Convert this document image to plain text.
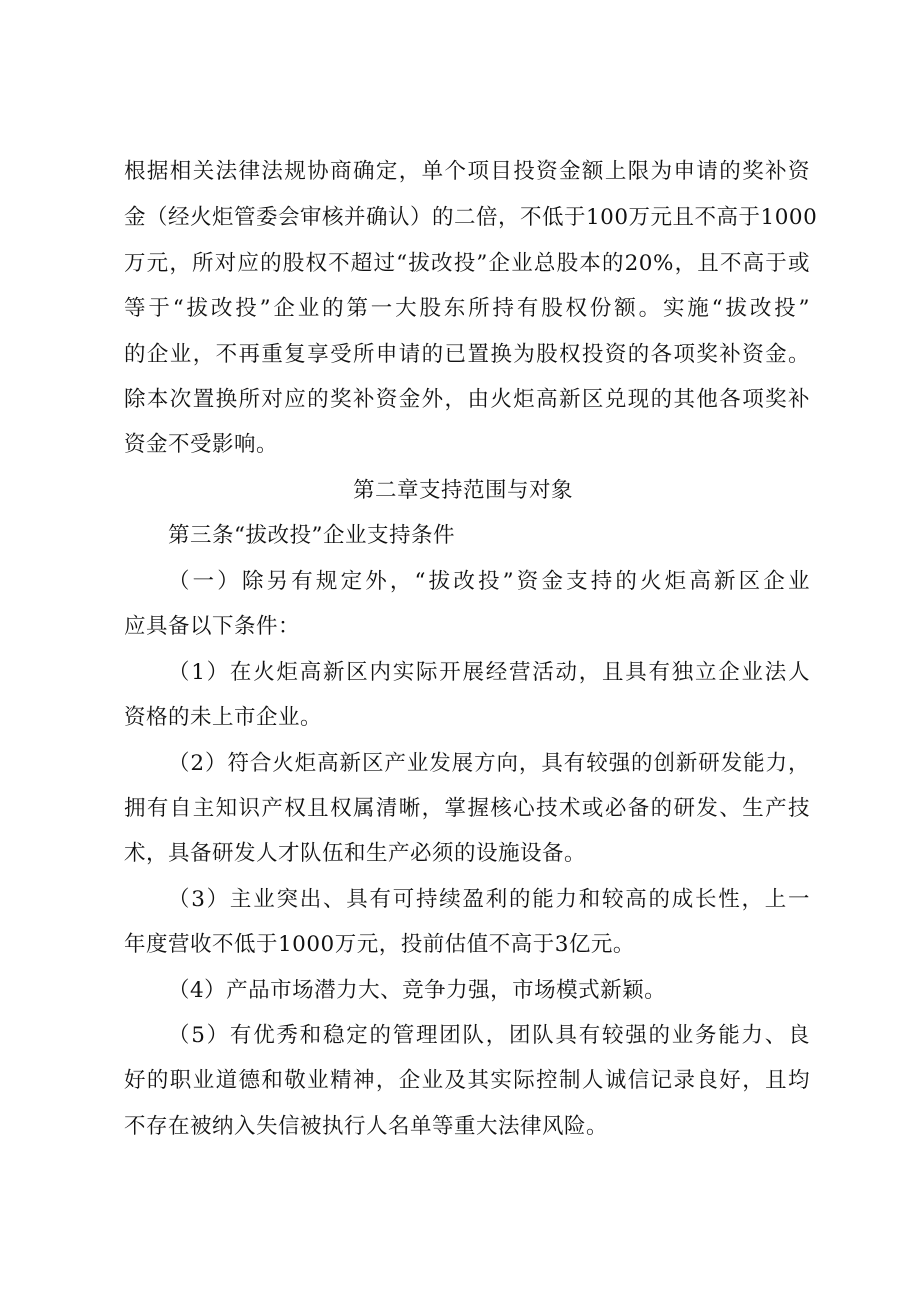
根据相关法律法规协商确定，单个项目投资金额上限为申请的奖补资
金（经火炬管委会审核并确认）的二倍，不低于100万元且不高于1000
万元，所对应的股权不超过“拔改投”企业总股本的20%，且不高于或
等于“拔改投”企业的第一大股东所持有股权份额。实施“拔改投”
的企业，不再重复享受所申请的已置换为股权投资的各项奖补资金。
除本次置换所对应的奖补资金外，由火炬高新区兑现的其他各项奖补
资金不受影响。
第二章支持范围与对象
第三条“拔改投”企业支持条件
（一）除另有规定外，“拔改投”资金支持的火炬高新区企业
应具备以下条件：
（1）在火炬高新区内实际开展经营活动，且具有独立企业法人
资格的未上市企业。
（2）符合火炬高新区产业发展方向，具有较强的创新研发能力，
拥有自主知识产权且权属清晰，掌握核心技术或必备的研发、生产技
术，具备研发人才队伍和生产必须的设施设备。
（3）主业突出、具有可持续盈利的能力和较高的成长性，上一
年度营收不低于1000万元，投前估值不高于3亿元。
（4）产品市场潜力大、竞争力强，市场模式新颖。
（5）有优秀和稳定的管理团队，团队具有较强的业务能力、良
好的职业道德和敬业精神，企业及其实际控制人诚信记录良好，且均
不存在被纳入失信被执行人名单等重大法律风险。
